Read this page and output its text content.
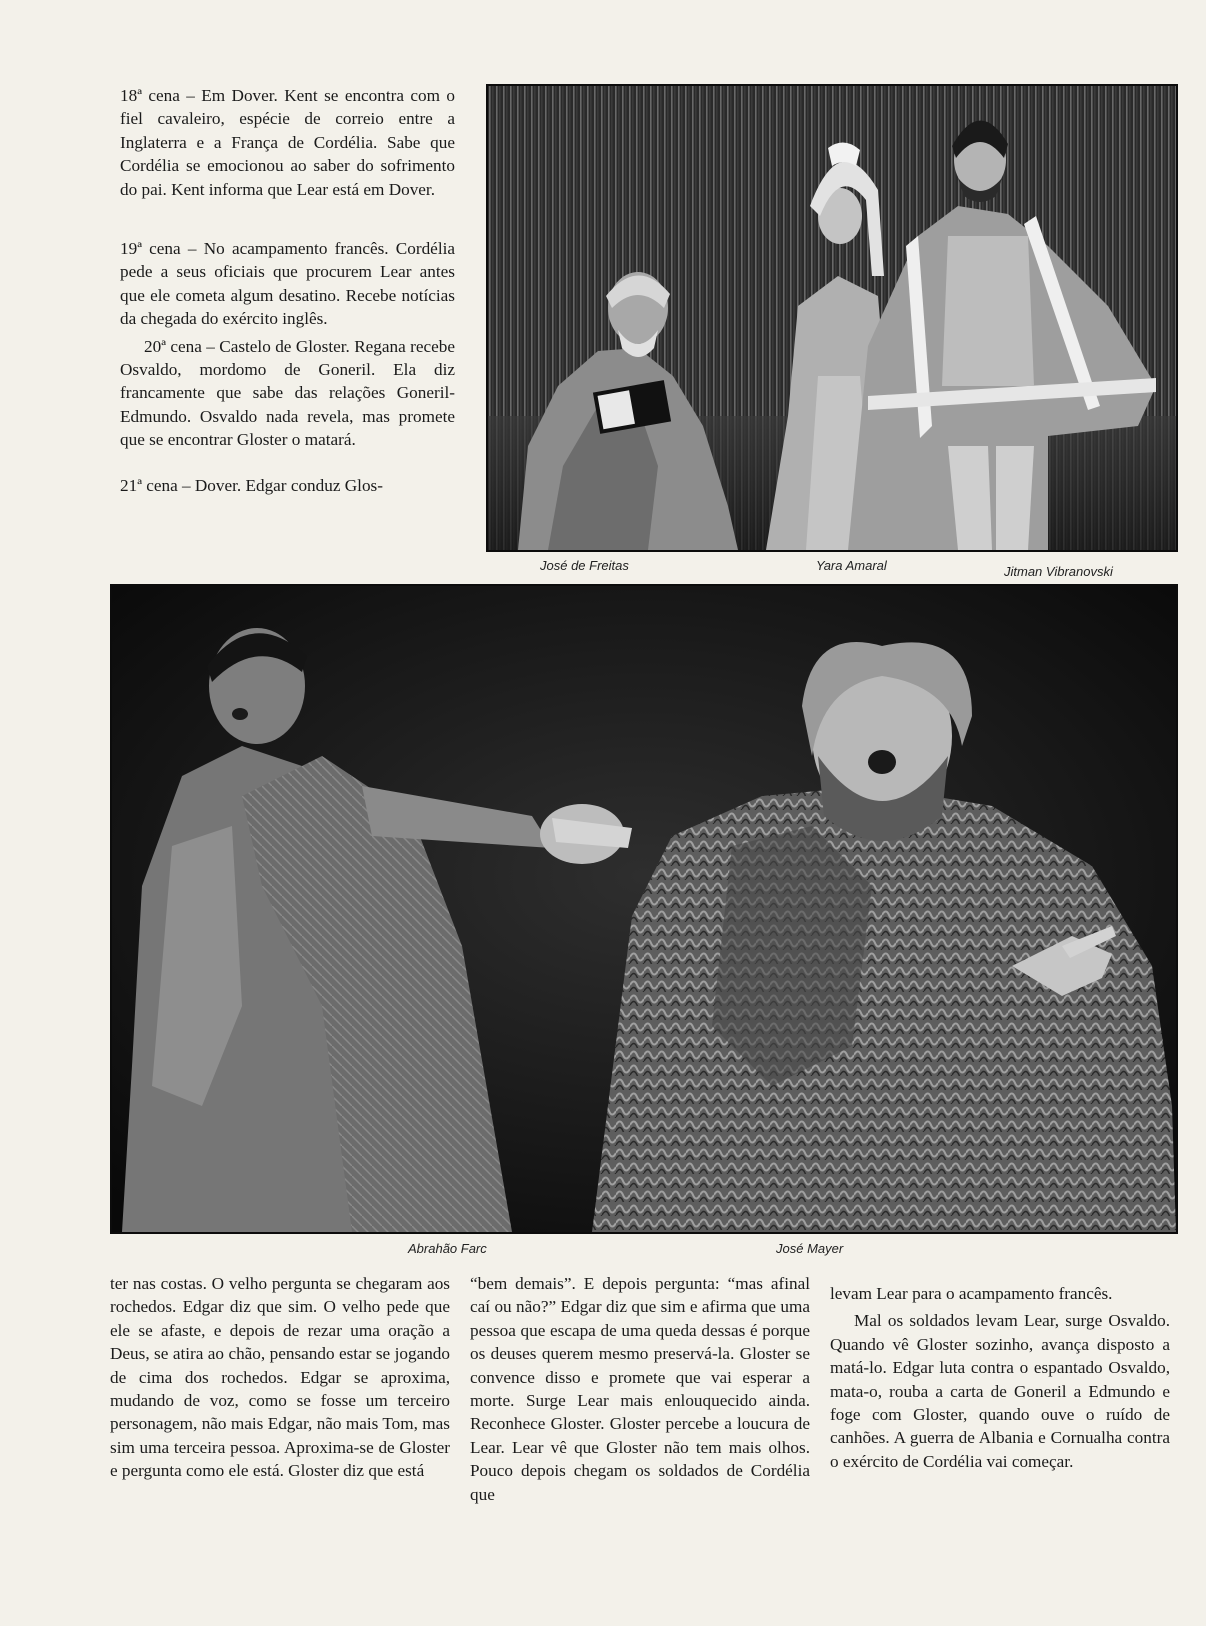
18ª cena – Em Dover. Kent se encontra com o fiel cavaleiro, espécie de correio entre a Inglaterra e a França de Cordélia. Sabe que Cordélia se emocionou ao saber do sofrimento do pai. Kent informa que Lear está em Dover.

19ª cena – No acampamento francês. Cordélia pede a seus oficiais que procurem Lear antes que ele cometa algum desatino. Recebe notícias da chegada do exército inglês.

20ª cena – Castelo de Gloster. Regana recebe Osvaldo, mordomo de Goneril. Ela diz francamente que sabe das relações Goneril-Edmundo. Osvaldo nada revela, mas promete que se encontrar Gloster o matará.

21ª cena – Dover. Edgar conduz Glos-

José de Freitas	Yara Amaral	Jitman Vibranovski
Abrahão Farc	José Mayer

ter nas costas. O velho pergunta se chegaram aos rochedos. Edgar diz que sim. O velho pede que ele se afaste, e depois de rezar uma oração a Deus, se atira ao chão, pensando estar se jogando de cima dos rochedos. Edgar se aproxima, mudando de voz, como se fosse um terceiro personagem, não mais Edgar, não mais Tom, mas sim uma terceira pessoa. Aproxima-se de Gloster e pergunta como ele está. Gloster diz que está

“bem demais”. E depois pergunta: “mas afinal caí ou não?” Edgar diz que sim e afirma que uma pessoa que escapa de uma queda dessas é porque os deuses querem mesmo preservá-la. Gloster se convence disso e promete que vai esperar a morte. Surge Lear mais enlouquecido ainda. Reconhece Gloster. Gloster percebe a loucura de Lear. Lear vê que Gloster não tem mais olhos. Pouco depois chegam os soldados de Cordélia que

levam Lear para o acampamento francês.

Mal os soldados levam Lear, surge Osvaldo. Quando vê Gloster sozinho, avança disposto a matá-lo. Edgar luta contra o espantado Osvaldo, mata-o, rouba a carta de Goneril a Edmundo e foge com Gloster, quando ouve o ruído de canhões. A guerra de Albania e Cornualha contra o exército de Cordélia vai começar.
